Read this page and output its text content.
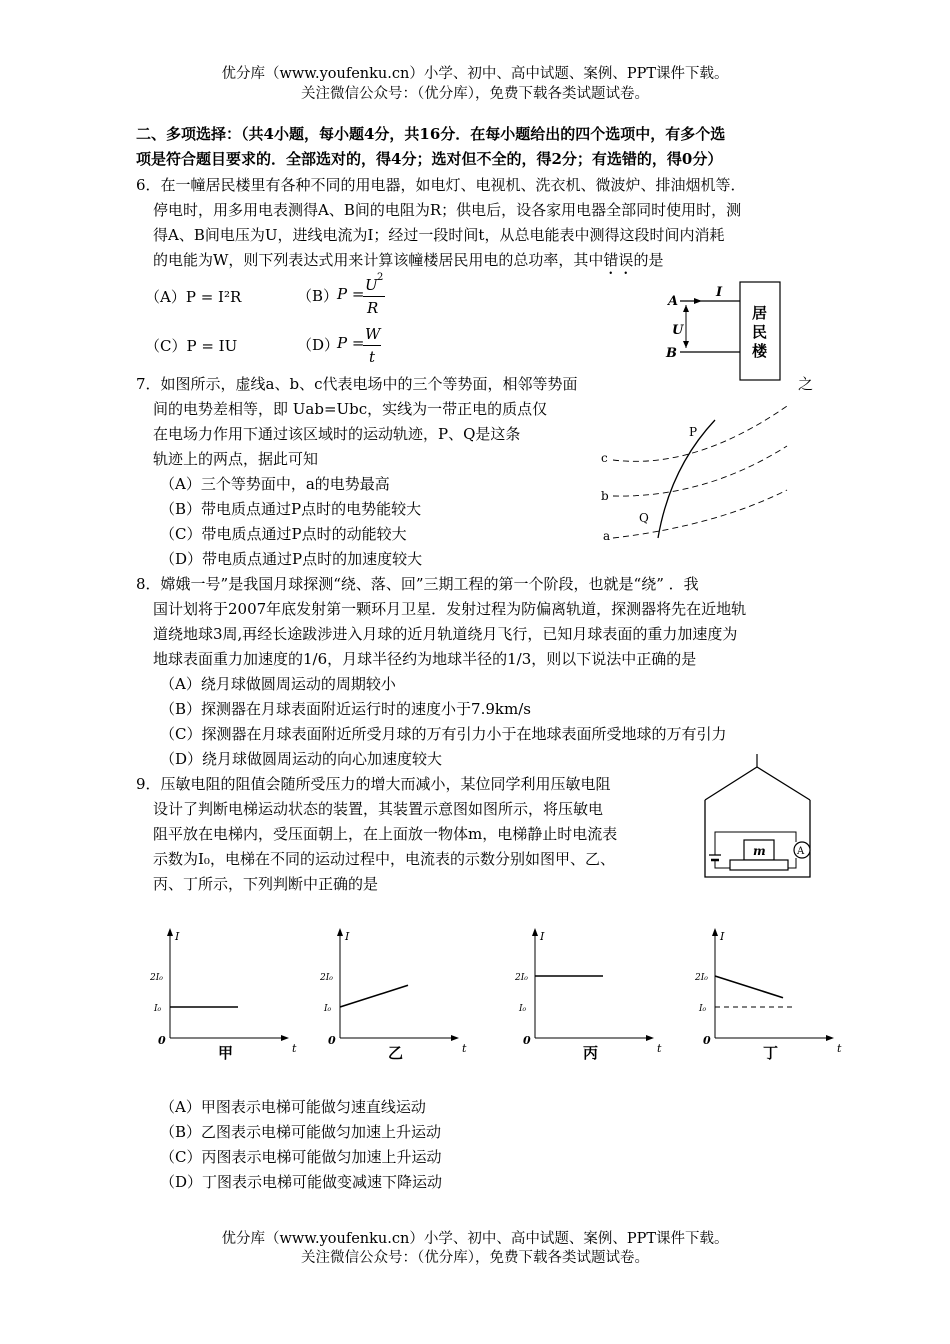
优分库（www.youfenku.cn）小学、初中、高中试题、案例、PPT课件下载。
关注微信公众号：（优分库），免费下载各类试题试卷。
二、多项选择：（共4小题，每小题4分，共16分．在每小题给出的四个选项中，有多个选
项是符合题目要求的．全部选对的，得4分；选对但不全的，得2分；有选错的，得0分）
6．在一幢居民楼里有各种不同的用电器，如电灯、电视机、洗衣机、微波炉、排油烟机等．
停电时，用多用电表测得A、B间的电阻为R；供电后，设各家用电器全部同时使用时，测
得A、B间电压为U，进线电流为I；经过一段时间t，从总电能表中测得这段时间内消耗
的电能为W，则下列表达式用来计算该幢楼居民用电的总功率，其中错误的是
（A）P = I²R	（B）
P = U 2
R
（C）P = IU	（D）
P = W
t
A
B
I
U
居
民
楼
7．如图所示，虚线a、b、c代表电场中的三个等势面，相邻等势面	之
间的电势差相等，即 Uab=Ubc，实线为一带正电的质点仅
在电场力作用下通过该区域时的运动轨迹，P、Q是这条
轨迹上的两点，据此可知
（A）三个等势面中，a的电势最高
（B）带电质点通过P点时的电势能较大
（C）带电质点通过P点时的动能较大
（D）带电质点通过P点时的加速度较大
c
b
a
P
Q
8．嫦娥一号”是我国月球探测“绕、落、回”三期工程的第一个阶段，也就是“绕” ．我
国计划将于2007年底发射第一颗环月卫星．发射过程为防偏离轨道，探测器将先在近地轨
道绕地球3周,再经长途跋涉进入月球的近月轨道绕月飞行，已知月球表面的重力加速度为
地球表面重力加速度的1/6，月球半径约为地球半径的1/3，则以下说法中正确的是
（A）绕月球做圆周运动的周期较小
（B）探测器在月球表面附近运行时的速度小于7.9km/s
（C）探测器在月球表面附近所受月球的万有引力小于在地球表面所受地球的万有引力
（D）绕月球做圆周运动的向心加速度较大
9．压敏电阻的阻值会随所受压力的增大而减小，某位同学利用压敏电阻
设计了判断电梯运动状态的装置，其装置示意图如图所示，将压敏电
阻平放在电梯内，受压面朝上，在上面放一物体m，电梯静止时电流表
示数为I₀，电梯在不同的运动过程中，电流表的示数分别如图甲、乙、
丙、丁所示，下列判断中正确的是
m	A
I
t
0
I₀
2I₀
甲
I
t
0
I₀
2I₀
乙
I
t
0
I₀
2I₀
丙
I
t
0
I₀
2I₀
丁
（A）甲图表示电梯可能做匀速直线运动
（B）乙图表示电梯可能做匀加速上升运动
（C）丙图表示电梯可能做匀加速上升运动
（D）丁图表示电梯可能做变减速下降运动
优分库（www.youfenku.cn）小学、初中、高中试题、案例、PPT课件下载。
关注微信公众号：（优分库），免费下载各类试题试卷。
